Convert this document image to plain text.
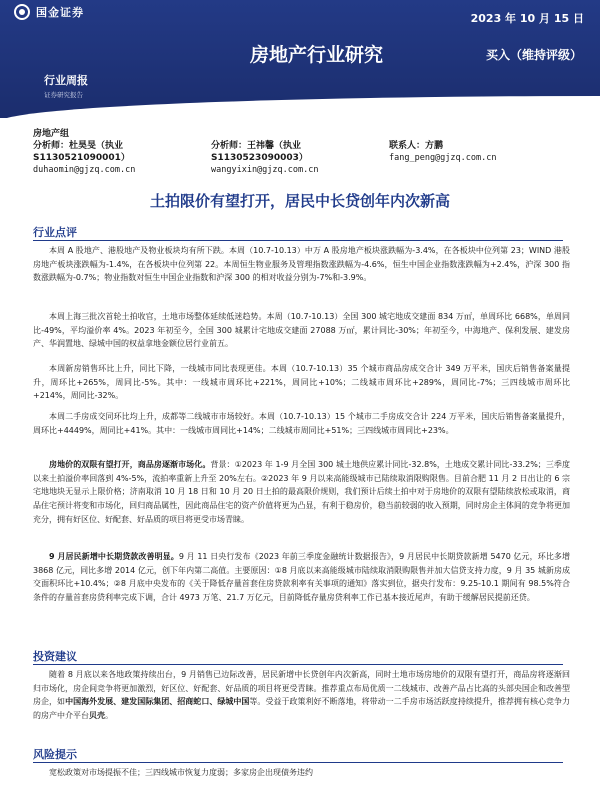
国金证券	2023 年 10 月 15 日
房地产行业研究	买入（维持评级）
行业周报
证券研究报告
房地产组
分析师：杜昊旻（执业
S1130521090001）
duhaomin@gjzq.com.cn
分析师：王祎馨（执业
S1130523090003）
wangyixin@gjzq.com.cn
联系人：方鹏
fang_peng@gjzq.com.cn
土拍限价有望打开，居民中长贷创年内次新高
行业点评

本周 A 股地产、港股地产及物业板块均有所下跌。本周（10.7-10.13）中万 A 股房地产板块涨跌幅为-3.4%，在各板块中位列第 23；WIND 港股房地产板块涨跌幅为-1.4%，在各板块中位列第 22。本周恒生物业服务及管理指数涨跌幅为-4.6%，恒生中国企业指数涨跌幅为+2.4%，沪深 300 指数涨跌幅为-0.7%；物业指数对恒生中国企业指数和沪深 300 的相对收益分别为-7%和-3.9%。

本周上海三批次首轮土拍收官，土地市场整体延续低迷趋势。本周（10.7-10.13）全国 300 城宅地成交建面 834 万㎡，单周环比 668%，单周同比-49%，平均溢价率 4%。2023 年初至今，全国 300 城累计宅地成交建面 27088 万㎡，累计同比-30%；年初至今，中海地产、保利发展、建发房产、华润置地、绿城中国的权益拿地金额位居行业前五。

本周新房销售环比上升，同比下降，一线城市同比表现更佳。本周（10.7-10.13）35 个城市商品房成交合计 349 万平米，国庆后销售备案量提升，周环比+265%，周同比-5%。其中：一线城市周环比+221%，周同比+10%；二线城市周环比+289%，周同比-7%；三四线城市周环比+214%，周同比-32%。

本周二手房成交同环比均上升，成都等二线城市市场较好。本周（10.7-10.13）15 个城市二手房成交合计 224 万平米，国庆后销售备案量提升，周环比+4449%，周同比+41%。其中：一线城市周同比+14%；二线城市周同比+51%；三四线城市周同比+23%。

房地价的双限有望打开，商品房逐渐市场化。背景：①2023 年 1-9 月全国 300 城土地供应累计同比-32.8%，土地成交累计同比-33.2%；三季度以来土拍溢价率回落到 4%-5%，流拍率重新上升至 20%左右。②2023 年 9 月以来高能级城市已陆续取消限购限售。目前合肥 11 月 2 日出让的 6 宗宅地地块无显示上限价格；济南取消 10 月 18 日和 10 月 20 日土拍的最高限价规则，我们预计后续土拍中对于房地价的双限有望陆续放松或取消，商品住宅预计将变和市场化，回归商品属性，因此商品住宅的资产价值将更为凸显，有利于稳房价，稳当前较弱的收入预期，同时房企主体间的竞争将更加充分，拥有好区位、好配套、好品质的项目将更受市场青睐。

9 月居民新增中长期贷款改善明显。9 月 11 日央行发布《2023 年前三季度金融统计数据报告》，9 月居民中长期贷款新增 5470 亿元，环比多增 3868 亿元，同比多增 2014 亿元，创下年内第二高值。主要原因：①8 月底以来高能级城市陆续取消限购限售并加大信贷支持力度，9 月 35 城新房成交面积环比+10.4%；②8 月底中央发布的《关于降低存量首套住房贷款利率有关事项的通知》落实到位，据央行发布：9.25-10.1 期间有 98.5%符合条件的存量首套房贷利率完成下调，合计 4973 万笔、21.7 万亿元，目前降低存量房贷利率工作已基本接近尾声，有助于缓解居民提前还贷。

投资建议

随着 8 月底以来各地政策持续出台，9 月销售已边际改善，居民新增中长贷创年内次新高，同时土地市场房地价的双限有望打开，商品房将逐渐回归市场化，房企间竞争将更加激烈，好区位、好配套、好品质的项目将更受青睐。推荐重点布局优质一二线城市、改善产品占比高的头部央国企和改善型房企，如中国海外发展、建发国际集团、招商蛇口、绿城中国等。受益于政策利好不断落地，将带动一二手房市场活跃度持续提升，推荐拥有核心竞争力的房产中介平台贝壳。

风险提示

宽松政策对市场提振不佳；三四线城市恢复力度弱；多家房企出现债务违约
